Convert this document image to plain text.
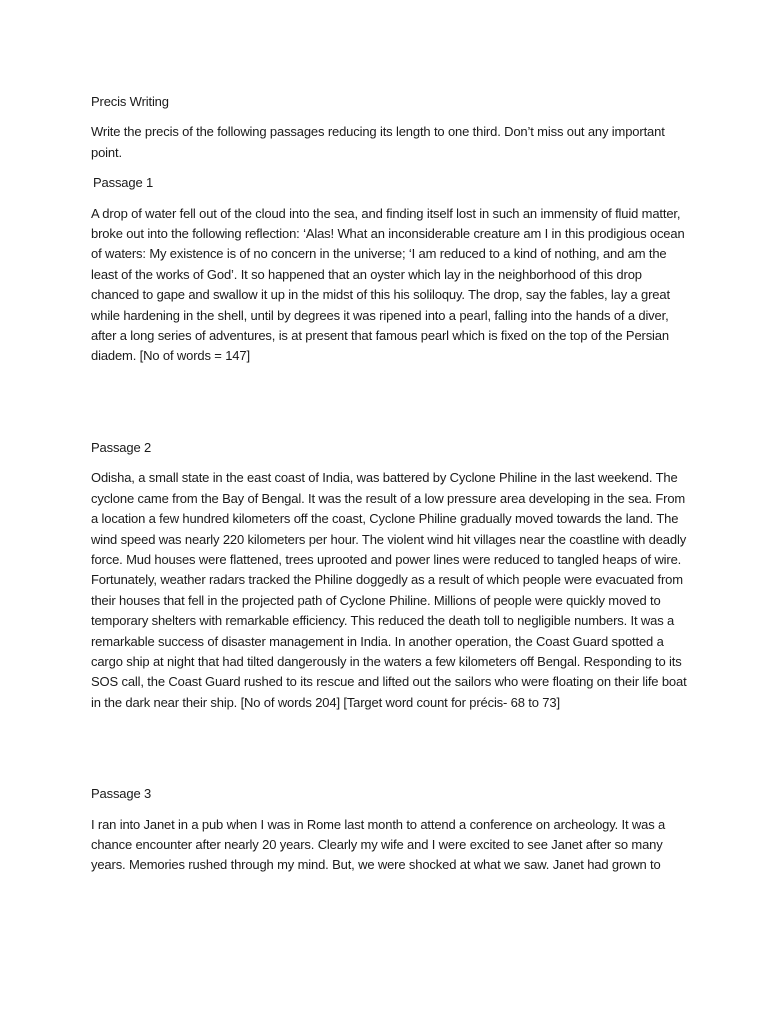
Precis Writing

Write the precis of the following passages reducing its length to one third. Don’t miss out any important point.

Passage 1

A drop of water fell out of the cloud into the sea, and finding itself lost in such an immensity of fluid matter, broke out into the following reflection: ‘Alas! What an inconsiderable creature am I in this prodigious ocean of waters: My existence is of no concern in the universe; ‘I am reduced to a kind of nothing, and am the least of the works of God’. It so happened that an oyster which lay in the neighborhood of this drop chanced to gape and swallow it up in the midst of this his soliloquy. The drop, say the fables, lay a great while hardening in the shell, until by degrees it was ripened into a pearl, falling into the hands of a diver, after a long series of adventures, is at present that famous pearl which is fixed on the top of the Persian diadem. [No of words = 147]

Passage 2

Odisha, a small state in the east coast of India, was battered by Cyclone Philine in the last weekend. The cyclone came from the Bay of Bengal. It was the result of a low pressure area developing in the sea. From a location a few hundred kilometers off the coast, Cyclone Philine gradually moved towards the land. The wind speed was nearly 220 kilometers per hour. The violent wind hit villages near the coastline with deadly force. Mud houses were flattened, trees uprooted and power lines were reduced to tangled heaps of wire. Fortunately, weather radars tracked the Philine doggedly as a result of which people were evacuated from their houses that fell in the projected path of Cyclone Philine. Millions of people were quickly moved to temporary shelters with remarkable efficiency. This reduced the death toll to negligible numbers. It was a remarkable success of disaster management in India. In another operation, the Coast Guard spotted a cargo ship at night that had tilted dangerously in the waters a few kilometers off Bengal. Responding to its SOS call, the Coast Guard rushed to its rescue and lifted out the sailors who were floating on their life boat in the dark near their ship. [No of words 204] [Target word count for précis- 68 to 73]

Passage 3

I ran into Janet in a pub when I was in Rome last month to attend a conference on archeology. It was a chance encounter after nearly 20 years. Clearly my wife and I were excited to see Janet after so many years. Memories rushed through my mind. But, we were shocked at what we saw. Janet had grown to
